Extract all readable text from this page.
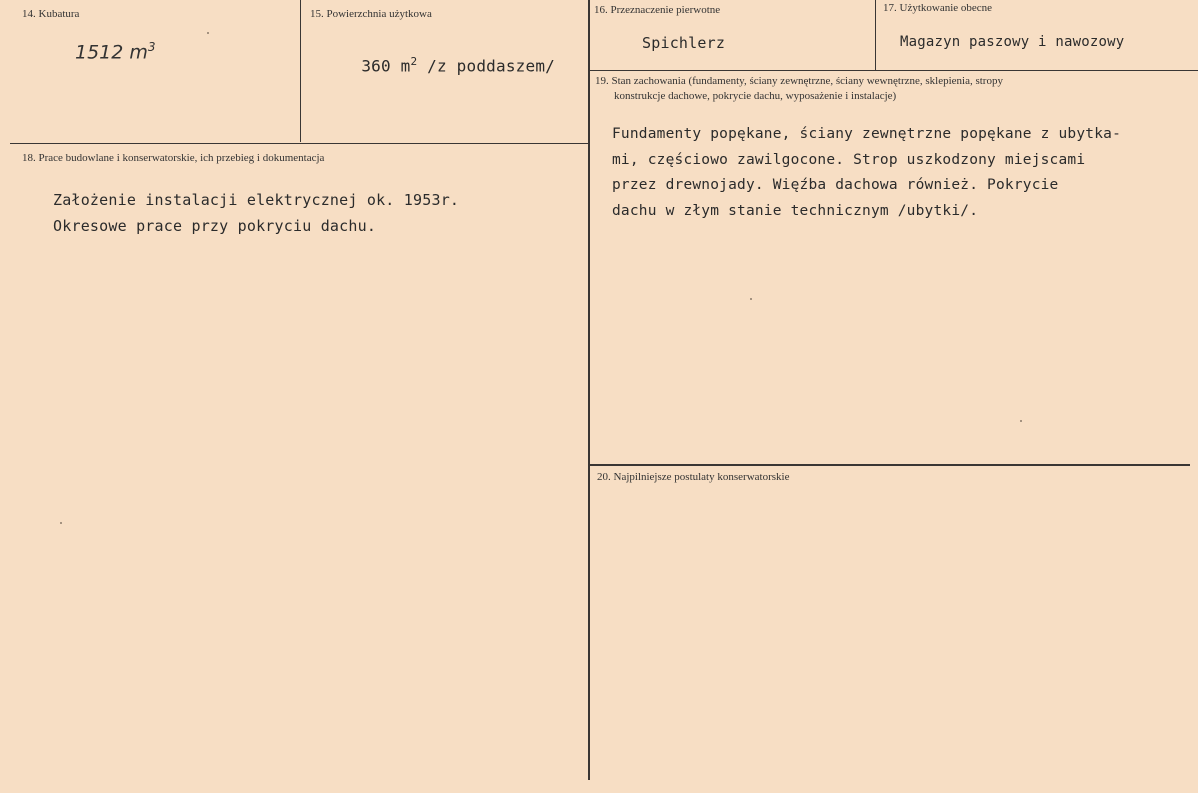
14. Kubatura
1512 $m^3$
15. Powierzchnia użytkowa

360 $m^2$ /z poddaszem/

16. Przeznaczenie pierwotne
Spichlerz
17. Użytkowanie obecne
Magazyn paszowy i nawozowy
18. Prace budowlane i konserwatorskie, ich przebieg i dokumentacja
Założenie instalacji elektrycznej ok. 1953r.
Okresowe prace przy pokryciu dachu.
19. Stan zachowania (fundamenty, ściany zewnętrzne, ściany wewnętrzne, sklepienia, stropy
konstrukcje dachowe, pokrycie dachu, wyposażenie i instalacje)
Fundamenty popękane, ściany zewnętrzne popękane z ubytka-
mi, częściowo zawilgocone. Strop uszkodzony miejscami
przez drewnojady. Więźba dachowa również. Pokrycie
dachu w złym stanie technicznym /ubytki/.
20. Najpilniejsze postulaty konserwatorskie
